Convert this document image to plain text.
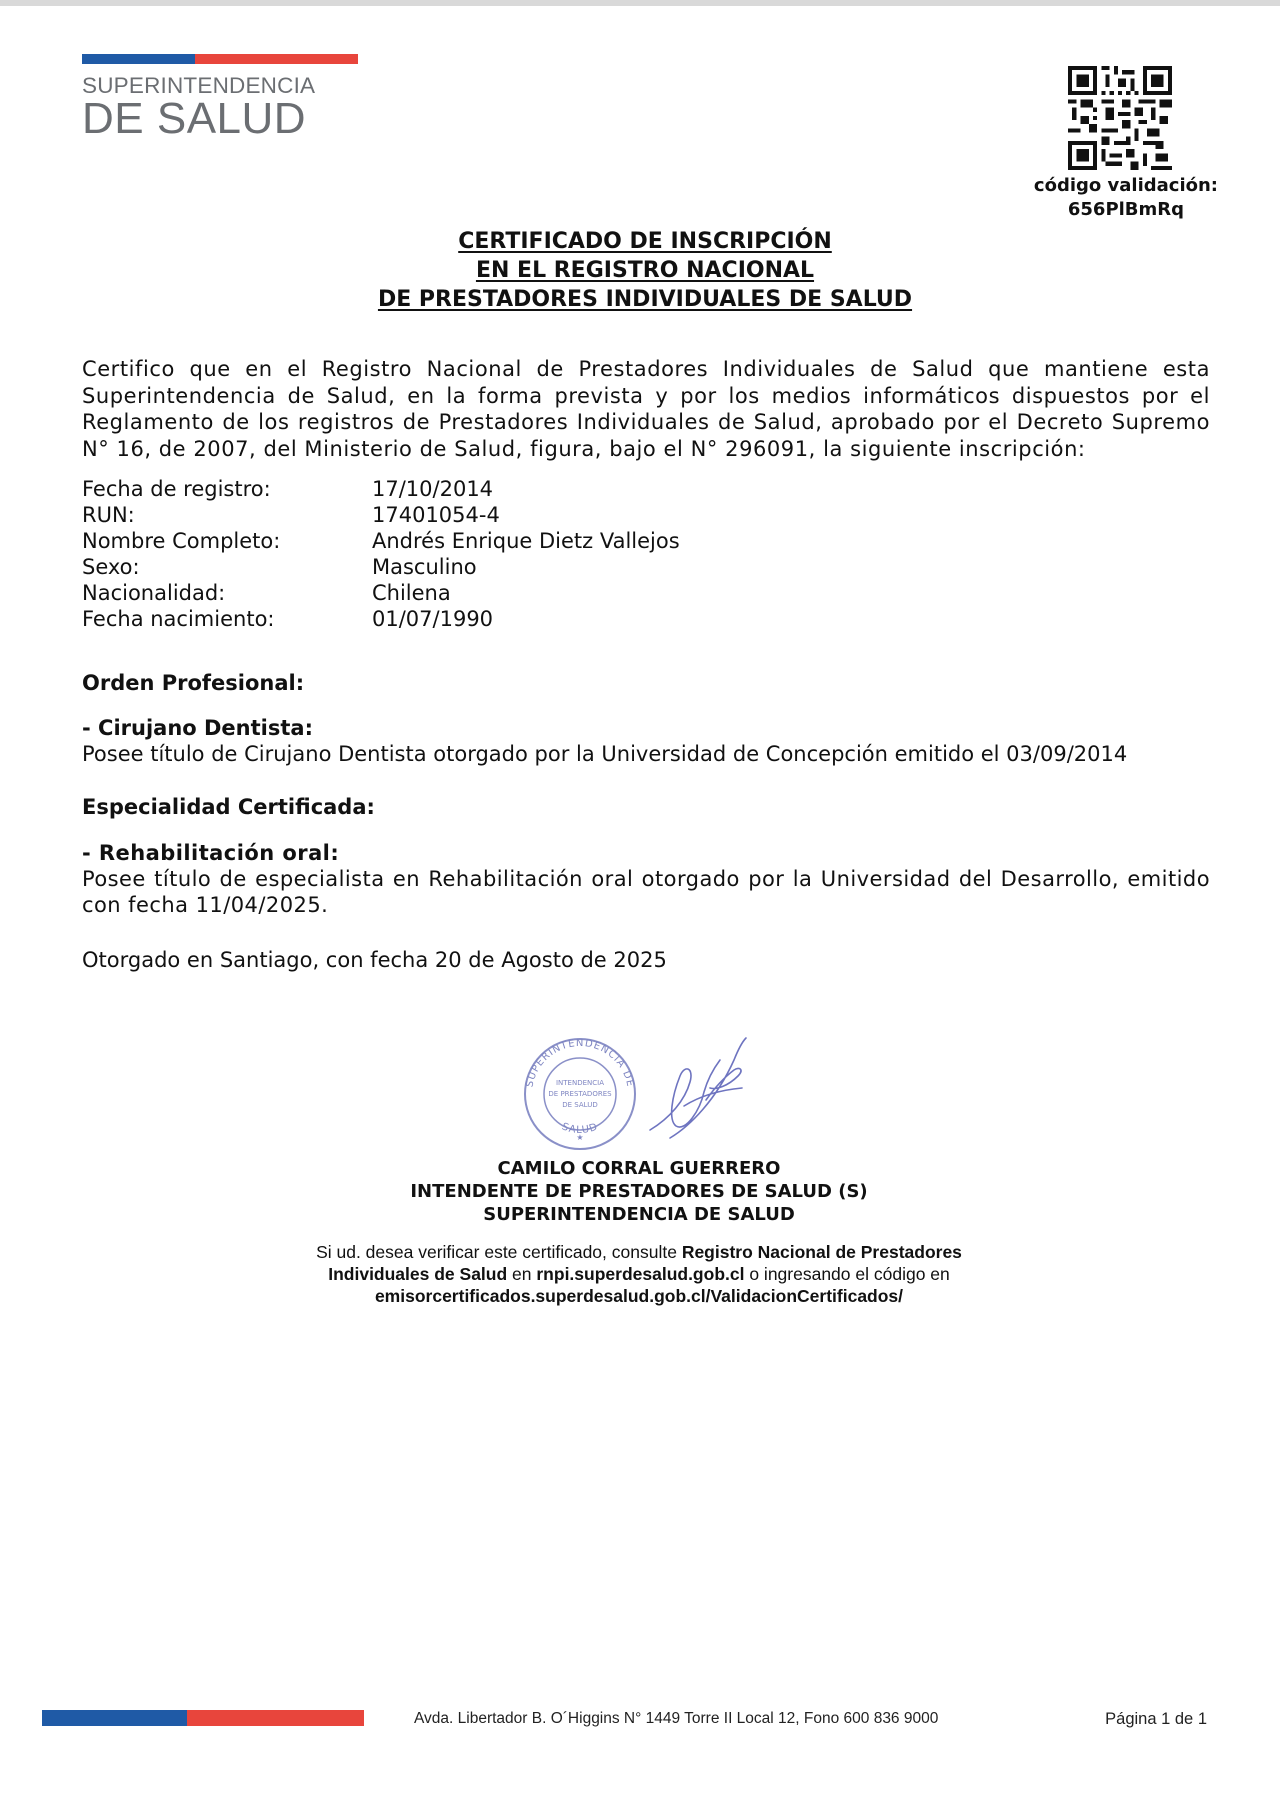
SUPERINTENDENCIA
DE SALUD
código validación:
656PlBmRq
CERTIFICADO DE INSCRIPCIÓN
EN EL REGISTRO NACIONAL
DE PRESTADORES INDIVIDUALES DE SALUD
Certifico que en el Registro Nacional de Prestadores Individuales de Salud que mantiene esta Superintendencia de Salud, en la forma prevista y por los medios informáticos dispuestos por el Reglamento de los registros de Prestadores Individuales de Salud, aprobado por el Decreto Supremo N° 16, de 2007, del Ministerio de Salud, figura, bajo el N° 296091, la siguiente inscripción:
Fecha de registro:	17/10/2014
RUN:	17401054-4
Nombre Completo:	Andrés Enrique Dietz Vallejos
Sexo:	Masculino
Nacionalidad:	Chilena
Fecha nacimiento:	01/07/1990
Orden Profesional:
- Cirujano Dentista:
Posee título de Cirujano Dentista otorgado por la Universidad de Concepción emitido el 03/09/2014
Especialidad Certificada:
- Rehabilitación oral:
Posee título de especialista en Rehabilitación oral otorgado por la Universidad del Desarrollo, emitido con fecha 11/04/2025.
Otorgado en Santiago, con fecha 20 de Agosto de 2025
SUPERINTENDENCIA DE
SALUD
INTENDENCIA
DE PRESTADORES
DE SALUD
★
CAMILO CORRAL GUERRERO
INTENDENTE DE PRESTADORES DE SALUD (S)
SUPERINTENDENCIA DE SALUD
Si ud. desea verificar este certificado, consulte Registro Nacional de Prestadores
Individuales de Salud en rnpi.superdesalud.gob.cl o ingresando el código en
emisorcertificados.superdesalud.gob.cl/ValidacionCertificados/
Avda. Libertador B. O´Higgins N° 1449 Torre II Local 12, Fono 600 836 9000	Página 1 de 1
